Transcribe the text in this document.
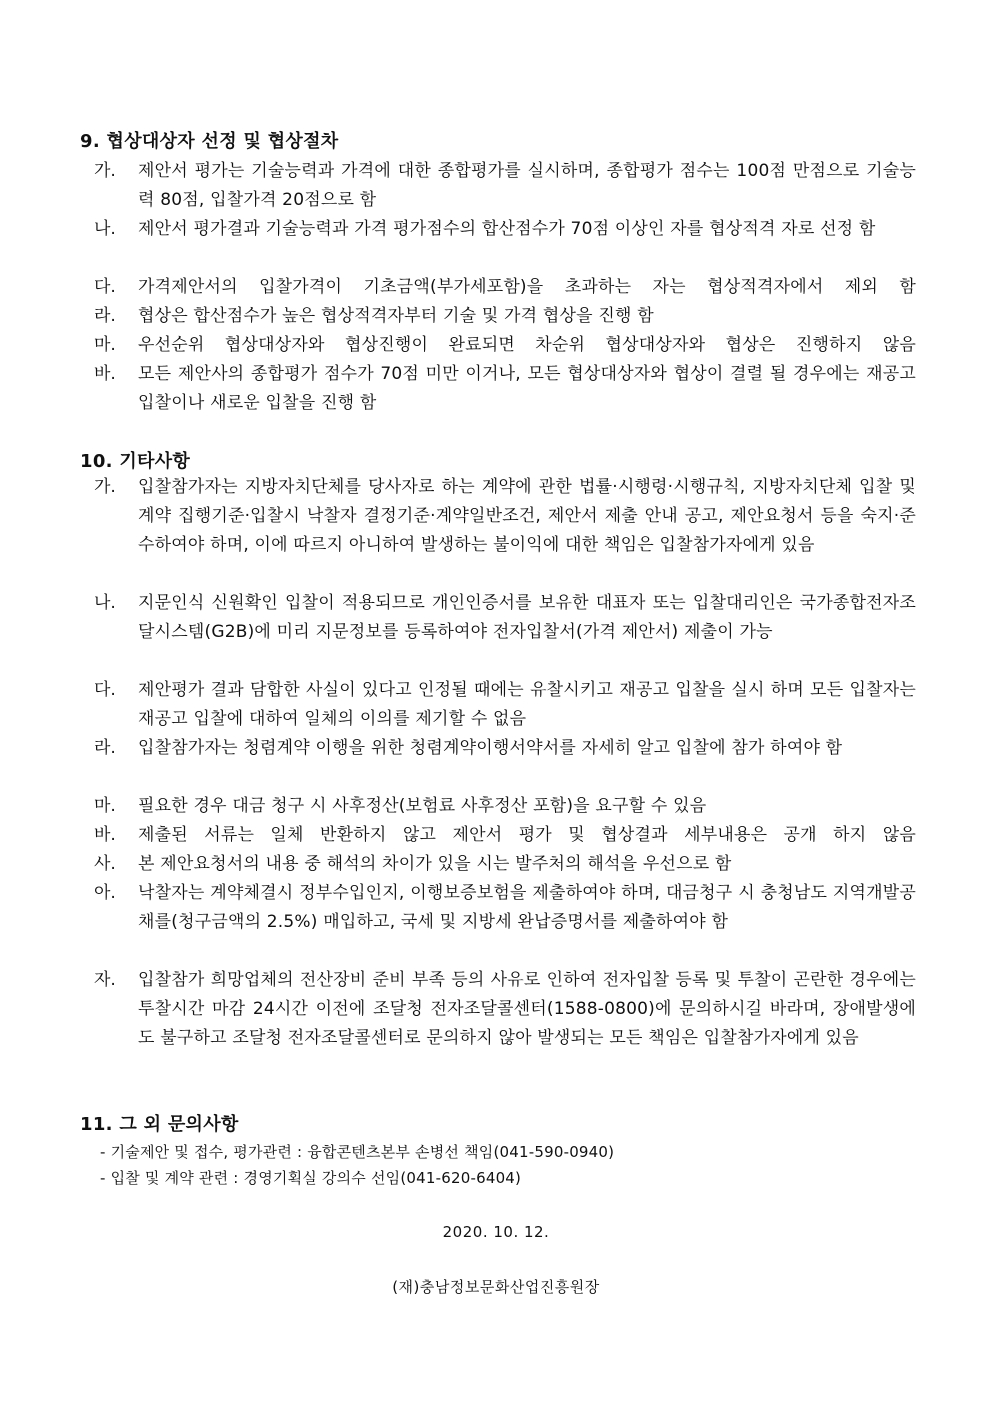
9. 협상대상자 선정 및 협상절차
가. 제안서 평가는 기술능력과 가격에 대한 종합평가를 실시하며, 종합평가 점수는 100점 만점으로 기술능력 80점, 입찰가격 20점으로 함
나. 제안서 평가결과 기술능력과 가격 평가점수의 합산점수가 70점 이상인 자를 협상적격 자로 선정 함
다. 가격제안서의 입찰가격이 기초금액(부가세포함)을 초과하는 자는 협상적격자에서 제외 함
라. 협상은 합산점수가 높은 협상적격자부터 기술 및 가격 협상을 진행 함
마. 우선순위 협상대상자와 협상진행이 완료되면 차순위 협상대상자와 협상은 진행하지 않음
바. 모든 제안사의 종합평가 점수가 70점 미만 이거나, 모든 협상대상자와 협상이 결렬 될 경우에는 재공고입찰이나 새로운 입찰을 진행 함
10. 기타사항
가. 입찰참가자는 지방자치단체를 당사자로 하는 계약에 관한 법률·시행령·시행규칙, 지방자치단체 입찰 및 계약 집행기준·입찰시 낙찰자 결정기준·계약일반조건, 제안서 제출 안내 공고, 제안요청서 등을 숙지·준수하여야 하며, 이에 따르지 아니하여 발생하는 불이익에 대한 책임은 입찰참가자에게 있음
나. 지문인식 신원확인 입찰이 적용되므로 개인인증서를 보유한 대표자 또는 입찰대리인은 국가종합전자조달시스템(G2B)에 미리 지문정보를 등록하여야 전자입찰서(가격 제안서) 제출이 가능
다. 제안평가 결과 담합한 사실이 있다고 인정될 때에는 유찰시키고 재공고 입찰을 실시 하며 모든 입찰자는 재공고 입찰에 대하여 일체의 이의를 제기할 수 없음
라. 입찰참가자는 청렴계약 이행을 위한 청렴계약이행서약서를 자세히 알고 입찰에 참가 하여야 함
마. 필요한 경우 대금 청구 시 사후정산(보험료 사후정산 포함)을 요구할 수 있음
바. 제출된 서류는 일체 반환하지 않고 제안서 평가 및 협상결과 세부내용은 공개 하지 않음
사. 본 제안요청서의 내용 중 해석의 차이가 있을 시는 발주처의 해석을 우선으로 함
아. 낙찰자는 계약체결시 정부수입인지, 이행보증보험을 제출하여야 하며, 대금청구 시 충청남도 지역개발공채를(청구금액의 2.5%) 매입하고, 국세 및 지방세 완납증명서를 제출하여야 함
자. 입찰참가 희망업체의 전산장비 준비 부족 등의 사유로 인하여 전자입찰 등록 및 투찰이 곤란한 경우에는 투찰시간 마감 24시간 이전에 조달청 전자조달콜센터(1588-0800)에 문의하시길 바라며, 장애발생에도 불구하고 조달청 전자조달콜센터로 문의하지 않아 발생되는 모든 책임은 입찰참가자에게 있음
11. 그 외 문의사항
- 기술제안 및 접수, 평가관련 : 융합콘텐츠본부 손병선 책임(041-590-0940)
- 입찰 및 계약 관련 : 경영기획실 강의수 선임(041-620-6404)
2020. 10. 12.
(재)충남정보문화산업진흥원장
